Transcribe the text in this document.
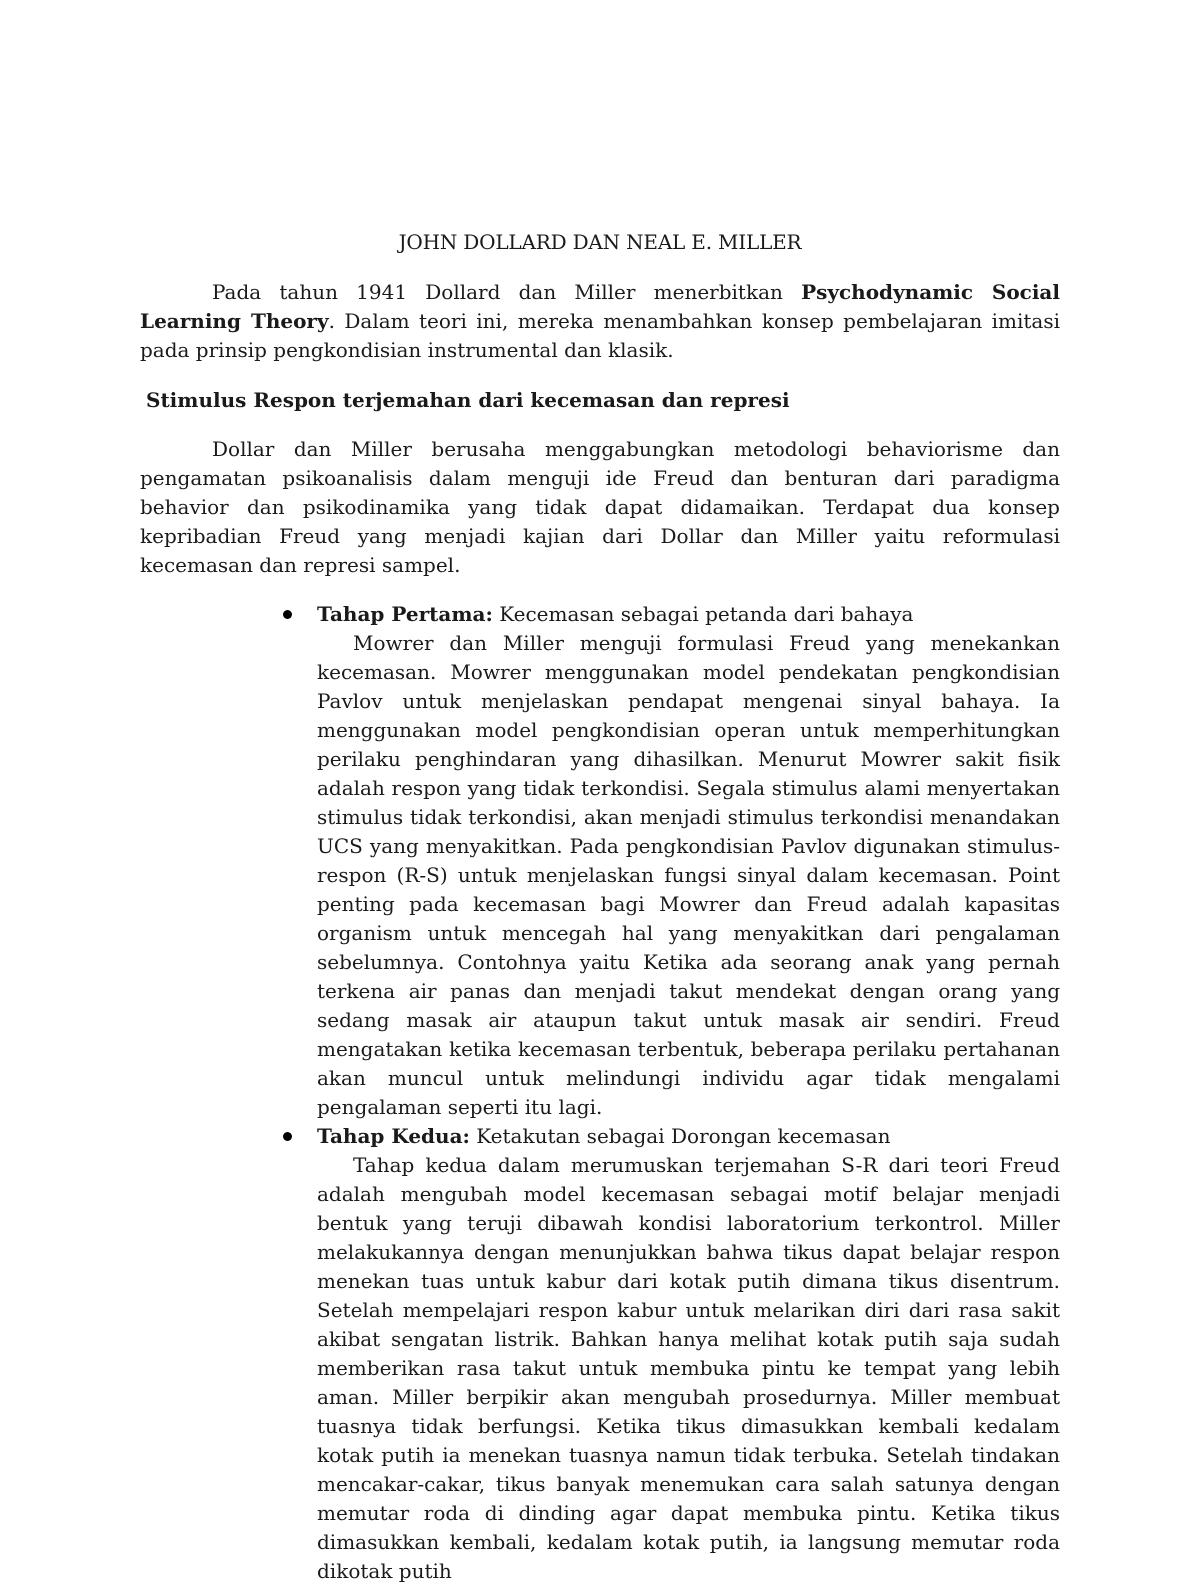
JOHN DOLLARD DAN NEAL E. MILLER

Pada tahun 1941 Dollard dan Miller menerbitkan Psychodynamic Social Learning Theory. Dalam teori ini, mereka menambahkan konsep pembelajaran imitasi pada prinsip pengkondisian instrumental dan klasik.

Stimulus Respon terjemahan dari kecemasan dan represi

Dollar dan Miller berusaha menggabungkan metodologi behaviorisme dan pengamatan psikoanalisis dalam menguji ide Freud dan benturan dari paradigma behavior dan psikodinamika yang tidak dapat didamaikan. Terdapat dua konsep kepribadian Freud yang menjadi kajian dari Dollar dan Miller yaitu reformulasi kecemasan dan represi sampel.

Tahap Pertama: Kecemasan sebagai petanda dari bahaya
Mowrer dan Miller menguji formulasi Freud yang menekankan kecemasan. Mowrer menggunakan model pendekatan pengkondisian Pavlov untuk menjelaskan pendapat mengenai sinyal bahaya. Ia menggunakan model pengkondisian operan untuk memperhitungkan perilaku penghindaran yang dihasilkan. Menurut Mowrer sakit fisik adalah respon yang tidak terkondisi. Segala stimulus alami menyertakan stimulus tidak terkondisi, akan menjadi stimulus terkondisi menandakan UCS yang menyakitkan. Pada pengkondisian Pavlov digunakan stimulus-respon (R-S) untuk menjelaskan fungsi sinyal dalam kecemasan. Point penting pada kecemasan bagi Mowrer dan Freud adalah kapasitas organism untuk mencegah hal yang menyakitkan dari pengalaman sebelumnya. Contohnya yaitu Ketika ada seorang anak yang pernah terkena air panas dan menjadi takut mendekat dengan orang yang sedang masak air ataupun takut untuk masak air sendiri. Freud mengatakan ketika kecemasan terbentuk, beberapa perilaku pertahanan akan muncul untuk melindungi individu agar tidak mengalami pengalaman seperti itu lagi.
Tahap Kedua: Ketakutan sebagai Dorongan kecemasan
Tahap kedua dalam merumuskan terjemahan S-R dari teori Freud adalah mengubah model kecemasan sebagai motif belajar menjadi bentuk yang teruji dibawah kondisi laboratorium terkontrol. Miller melakukannya dengan menunjukkan bahwa tikus dapat belajar respon menekan tuas untuk kabur dari kotak putih dimana tikus disentrum. Setelah mempelajari respon kabur untuk melarikan diri dari rasa sakit akibat sengatan listrik. Bahkan hanya melihat kotak putih saja sudah memberikan rasa takut untuk membuka pintu ke tempat yang lebih aman. Miller berpikir akan mengubah prosedurnya. Miller membuat tuasnya tidak berfungsi. Ketika tikus dimasukkan kembali kedalam kotak putih ia menekan tuasnya namun tidak terbuka. Setelah tindakan mencakar-cakar, tikus banyak menemukan cara salah satunya dengan memutar roda di dinding agar dapat membuka pintu. Ketika tikus dimasukkan kembali, kedalam kotak putih, ia langsung memutar roda dikotak putih
